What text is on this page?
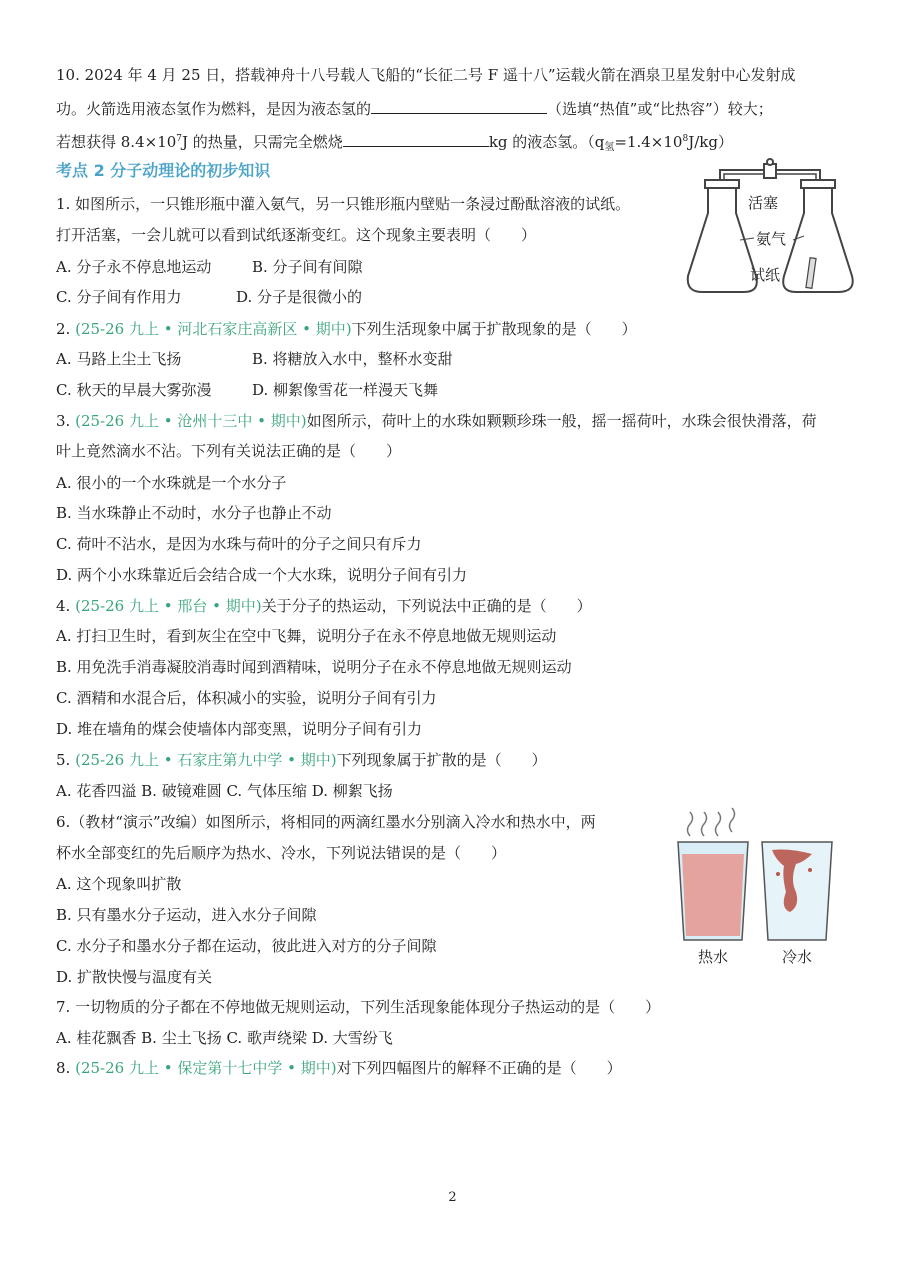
10. 2024 年 4 月 25 日，搭载神舟十八号载人飞船的“长征二号 F 遥十八”运载火箭在酒泉卫星发射中心发射成
功。火箭选用液态氢作为燃料，是因为液态氢的	（选填“热值”或“比热容”）较大；
若想获得 $8.4\times 10^7J$ 的热量，只需完全燃烧	kg 的液态氢。$(q_氢=1.4\times 10^8J/kg)$
考点 2 分子动理论的初步知识
1. 如图所示，一只锥形瓶中灌入氨气，另一只锥形瓶内壁贴一条浸过酚酞溶液的试纸。
打开活塞，一会儿就可以看到试纸逐渐变红。这个现象主要表明（　　）
A. 分子永不停息地运动	B. 分子间有间隙
C. 分子间有作用力	D. 分子是很微小的
活塞
氨气
试纸
2. (25-26 九上 • 河北石家庄高新区 • 期中)下列生活现象中属于扩散现象的是（　　）
A. 马路上尘土飞扬	B. 将糖放入水中，整杯水变甜
C. 秋天的早晨大雾弥漫	D. 柳絮像雪花一样漫天飞舞
3. (25-26 九上 • 沧州十三中 • 期中)如图所示，荷叶上的水珠如颗颗珍珠一般，摇一摇荷叶，水珠会很快滑落，荷
叶上竟然滴水不沾。下列有关说法正确的是（　　）
A. 很小的一个水珠就是一个水分子
B. 当水珠静止不动时，水分子也静止不动
C. 荷叶不沾水，是因为水珠与荷叶的分子之间只有斥力
D. 两个小水珠靠近后会结合成一个大水珠，说明分子间有引力
4. (25-26 九上 • 邢台 • 期中)关于分子的热运动，下列说法中正确的是（　　）
A. 打扫卫生时，看到灰尘在空中飞舞，说明分子在永不停息地做无规则运动
B. 用免洗手消毒凝胶消毒时闻到酒精味，说明分子在永不停息地做无规则运动
C. 酒精和水混合后，体积减小的实验，说明分子间有引力
D. 堆在墙角的煤会使墙体内部变黑，说明分子间有引力
5. (25-26 九上 • 石家庄第九中学 • 期中)下列现象属于扩散的是（　　）
A. 花香四溢 B. 破镜难圆 C. 气体压缩 D. 柳絮飞扬
6.（教材“演示”改编）如图所示，将相同的两滴红墨水分别滴入冷水和热水中，两
杯水全部变红的先后顺序为热水、冷水，下列说法错误的是（　　）
A. 这个现象叫扩散
B. 只有墨水分子运动，进入水分子间隙
C. 水分子和墨水分子都在运动，彼此进入对方的分子间隙
D. 扩散快慢与温度有关
热水	冷水
7. 一切物质的分子都在不停地做无规则运动，下列生活现象能体现分子热运动的是（　　）
A. 桂花飘香 B. 尘土飞扬 C. 歌声绕梁 D. 大雪纷飞
8. (25-26 九上 • 保定第十七中学 • 期中)对下列四幅图片的解释不正确的是（　　）
2
